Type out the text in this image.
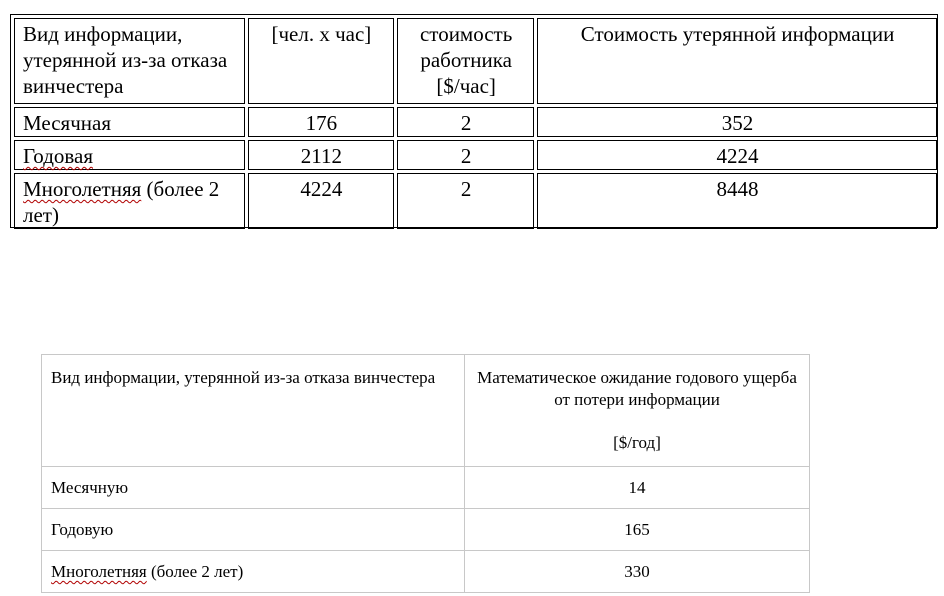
Вид информации, утерянной из-за отказа винчестера	[чел. х час]	стоимость работника [$/час]	Стоимость утерянной информации
Месячная	176	2	352
Годовая	2112	2	4224
Многолетняя (более 2 лет)	4224	2	8448
Вид информации, утерянной из-за отказа винчестера	Математическое ожидание годового ущерба от потери информации
[$/год]

Месячную	14
Годовую	165
Многолетняя (более 2 лет)	330
